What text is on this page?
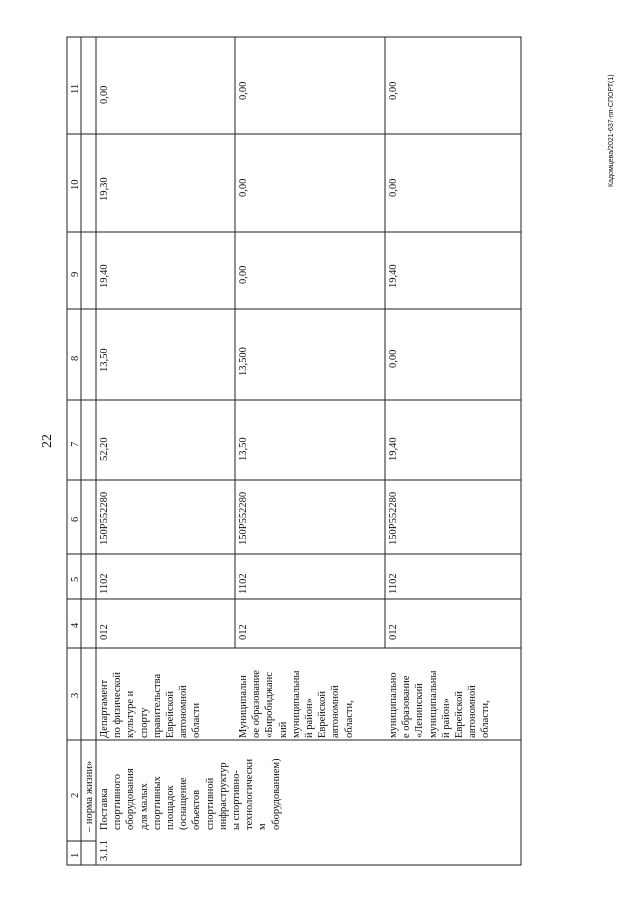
11
10
9
8
7
6
5
4
3
2
1
– норма жизни»
3.1.1
Поставка
спортивного
оборудования
для малых
спортивных
площадок
(оснащение
объектов
спортивной
инфраструктур
ы спортивно-
технологически
м
оборудованием)
Департамент
по физической
культуре и
спорту
правительства
Еврейской
автономной
области
012
1102
150Р552280
52,20
13,50
19,40
19,30
0,00
Муниципальн
ое образование
«Биробиджанс
кий
муниципальны
й район»
Еврейской
автономной
области,
012
1102
150Р552280
13,50
13,500
0,00
0,00
0,00
муниципально
е образование
«Ленинский
муниципальны
й район»
Еврейской
автономной
области,
012
1102
150Р552280
19,40
0,00
19,40
0,00
0,00
22
Кадомцева/2021-637-пп-СПОРТ(1)
